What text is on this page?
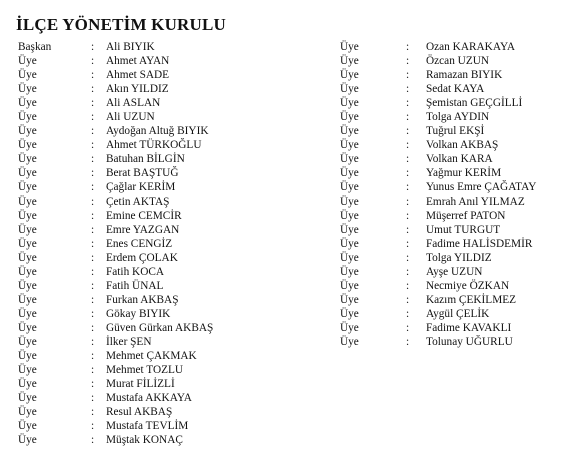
İLÇE YÖNETİM KURULU
Başkan	: Ali BIYIK
Üye	: Ahmet AYAN
Üye	: Ahmet SADE
Üye	: Akın YILDIZ
Üye	: Ali ASLAN
Üye	: Ali UZUN
Üye	: Aydoğan Altuğ BIYIK
Üye	: Ahmet TÜRKOĞLU
Üye	: Batuhan BİLGİN
Üye	: Berat BAŞTUĞ
Üye	: Çağlar KERİM
Üye	: Çetin AKTAŞ
Üye	: Emine CEMCİR
Üye	: Emre YAZGAN
Üye	: Enes CENGİZ
Üye	: Erdem ÇOLAK
Üye	: Fatih KOCA
Üye	: Fatih ÜNAL
Üye	: Furkan AKBAŞ
Üye	: Gökay BIYIK
Üye	: Güven Gürkan AKBAŞ
Üye	: İlker ŞEN
Üye	: Mehmet ÇAKMAK
Üye	: Mehmet TOZLU
Üye	: Murat FİLİZLİ
Üye	: Mustafa AKKAYA
Üye	: Resul AKBAŞ
Üye	: Mustafa TEVLİM
Üye	: Müştak KONAÇ
Üye	: Ozan KARAKAYA
Üye	: Özcan UZUN
Üye	: Ramazan BIYIK
Üye	: Sedat KAYA
Üye	: Şemistan GEÇGİLLİ
Üye	: Tolga AYDIN
Üye	: Tuğrul EKŞİ
Üye	: Volkan AKBAŞ
Üye	: Volkan KARA
Üye	: Yağmur KERİM
Üye	: Yunus Emre ÇAĞATAY
Üye	: Emrah Anıl YILMAZ
Üye	: Müşerref PATON
Üye	: Umut TURGUT
Üye	: Fadime HALİSDEMİR
Üye	: Tolga YILDIZ
Üye	: Ayşe UZUN
Üye	: Necmiye ÖZKAN
Üye	: Kazım ÇEKİLMEZ
Üye	: Aygül ÇELİK
Üye	: Fadime KAVAKLI
Üye	: Tolunay UĞURLU
